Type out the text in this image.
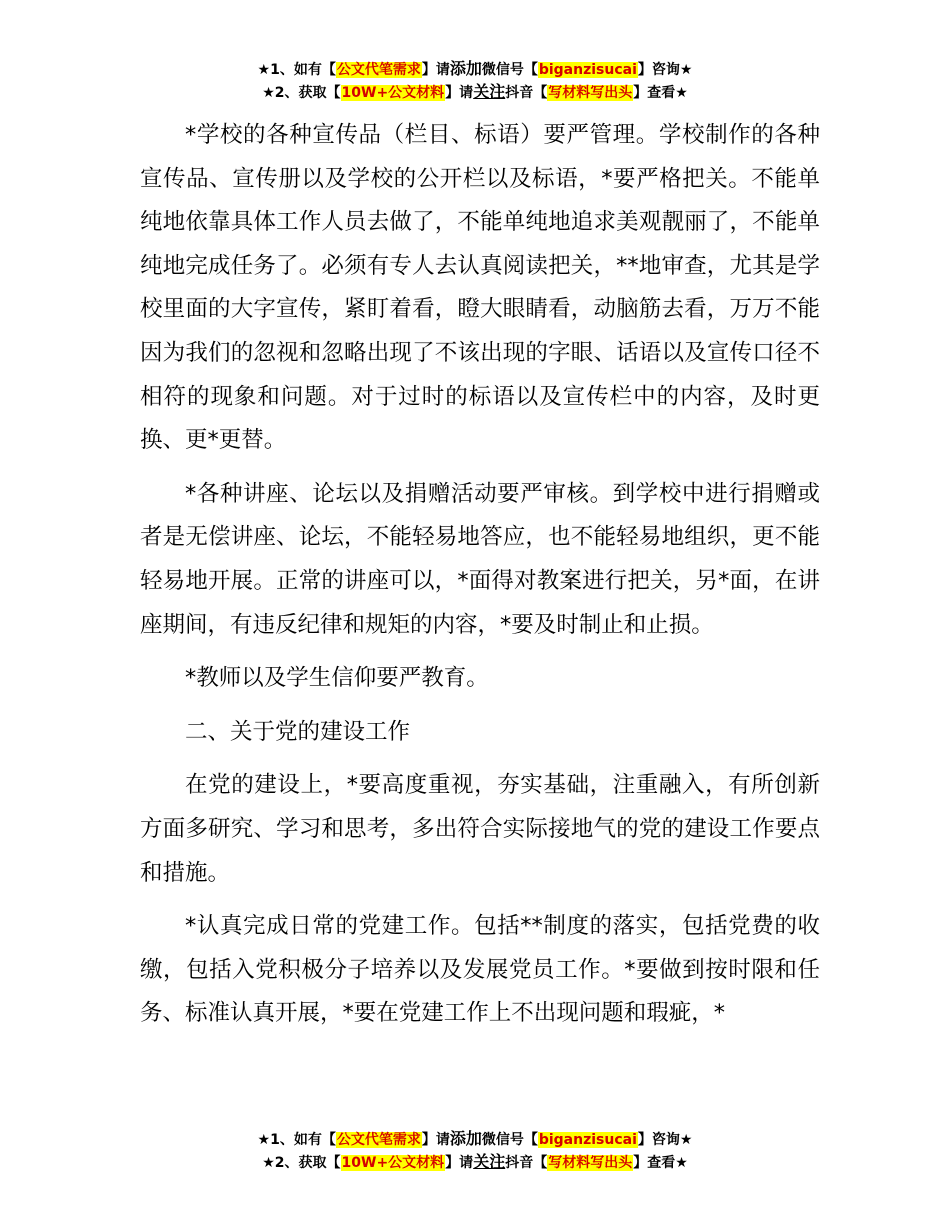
★1、如有【公文代笔需求】请添加微信号【biganzisucai】咨询★
★2、获取【10W+公文材料】请关注抖音【写材料写出头】查看★

*学校的各种宣传品（栏目、标语）要严管理。学校制作的各种宣传品、宣传册以及学校的公开栏以及标语，*要严格把关。不能单纯地依靠具体工作人员去做了，不能单纯地追求美观靓丽了，不能单纯地完成任务了。必须有专人去认真阅读把关，**地审查，尤其是学校里面的大字宣传，紧盯着看，瞪大眼睛看，动脑筋去看，万万不能因为我们的忽视和忽略出现了不该出现的字眼、话语以及宣传口径不相符的现象和问题。对于过时的标语以及宣传栏中的内容，及时更换、更*更替。

*各种讲座、论坛以及捐赠活动要严审核。到学校中进行捐赠或者是无偿讲座、论坛，不能轻易地答应，也不能轻易地组织，更不能轻易地开展。正常的讲座可以，*面得对教案进行把关，另*面，在讲座期间，有违反纪律和规矩的内容，*要及时制止和止损。

*教师以及学生信仰要严教育。

二、关于党的建设工作

在党的建设上，*要高度重视，夯实基础，注重融入，有所创新方面多研究、学习和思考，多出符合实际接地气的党的建设工作要点和措施。

*认真完成日常的党建工作。包括**制度的落实，包括党费的收缴，包括入党积极分子培养以及发展党员工作。*要做到按时限和任务、标准认真开展，*要在党建工作上不出现问题和瑕疵，*

★1、如有【公文代笔需求】请添加微信号【biganzisucai】咨询★
★2、获取【10W+公文材料】请关注抖音【写材料写出头】查看★
